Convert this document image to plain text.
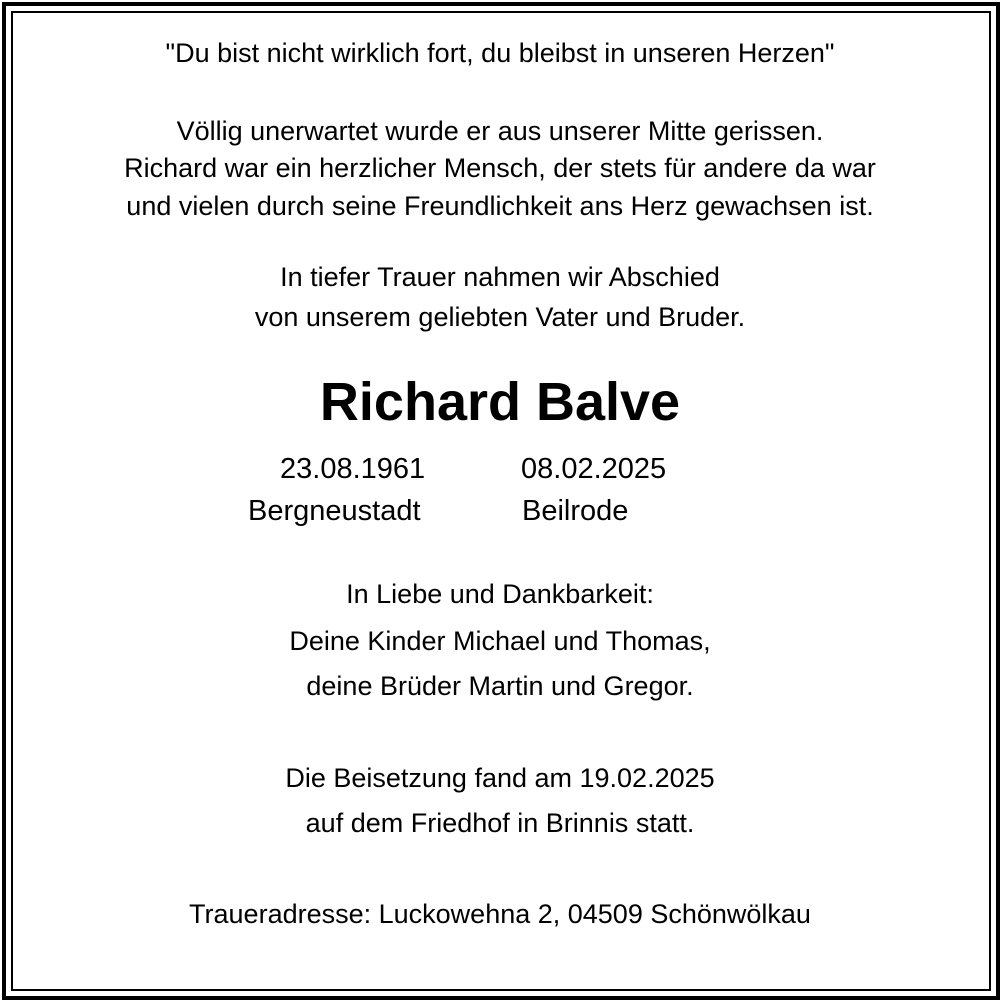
"Du bist nicht wirklich fort, du bleibst in unseren Herzen"
Völlig unerwartet wurde er aus unserer Mitte gerissen.
Richard war ein herzlicher Mensch, der stets für andere da war
und vielen durch seine Freundlichkeit ans Herz gewachsen ist.
In tiefer Trauer nahmen wir Abschied
von unserem geliebten Vater und Bruder.
Richard Balve
23.08.1961	08.02.2025
Bergneustadt	Beilrode
In Liebe und Dankbarkeit:
Deine Kinder Michael und Thomas,
deine Brüder Martin und Gregor.
Die Beisetzung fand am 19.02.2025
auf dem Friedhof in Brinnis statt.
Traueradresse: Luckowehna 2, 04509 Schönwölkau
